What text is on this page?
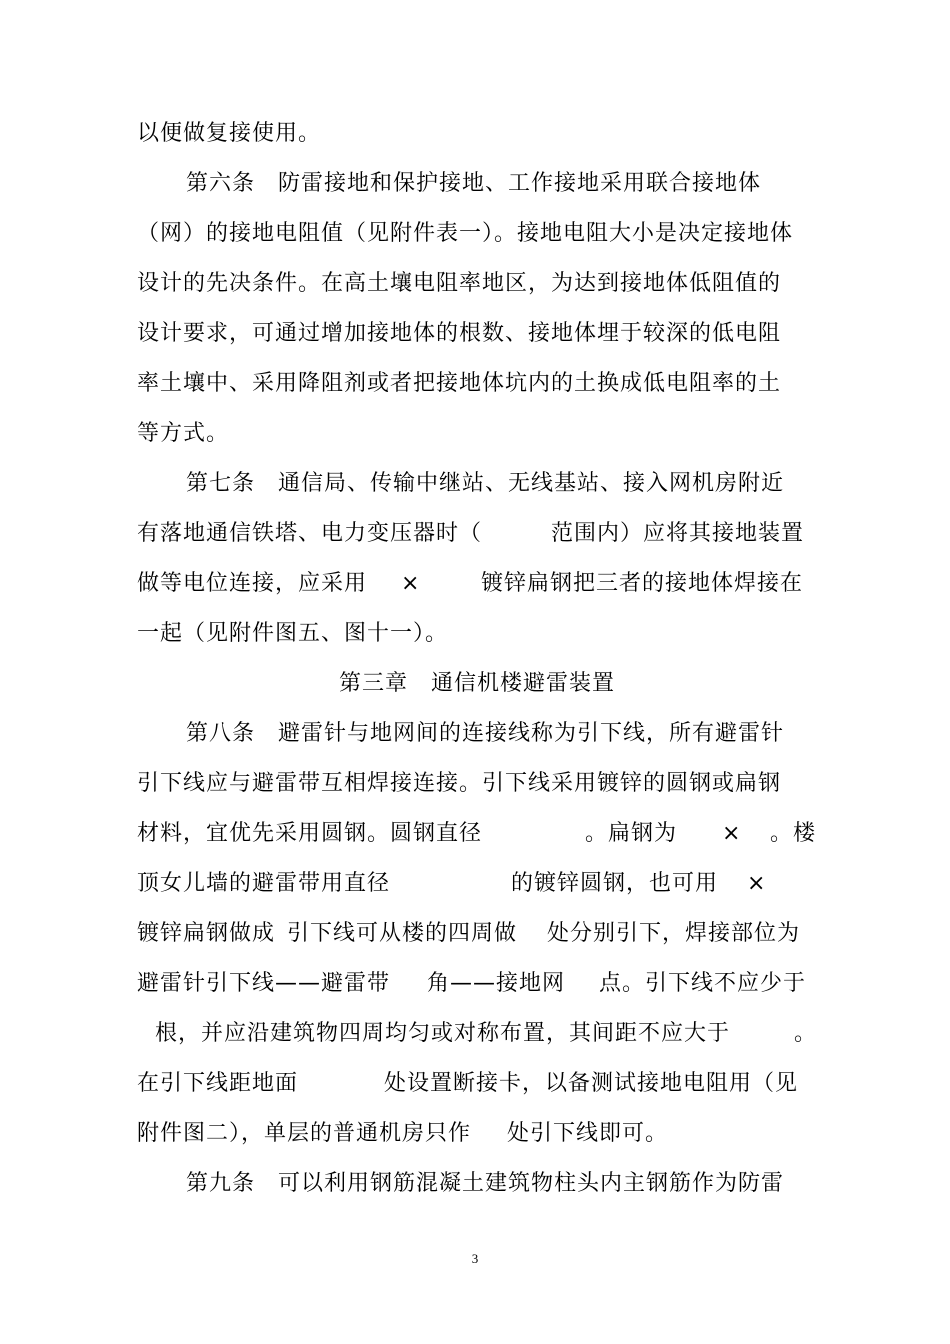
以便做复接使用。
第六条　防雷接地和保护接地、工作接地采用联合接地体
（网）的接地电阻值（见附件表一）。接地电阻大小是决定接地体
设计的先决条件。在高土壤电阻率地区，为达到接地体低阻值的
设计要求，可通过增加接地体的根数、接地体埋于较深的低电阻
率土壤中、采用降阻剂或者把接地体坑内的土换成低电阻率的土
等方式。
第七条　通信局、传输中继站、无线基站、接入网机房附近
有落地通信铁塔、电力变压器时（	范围内）应将其接地装置
做等电位连接，应采用 ×	镀锌扁钢把三者的接地体焊接在
一起（见附件图五、图十一）。
第三章　通信机楼避雷装置
第八条　避雷针与地网间的连接线称为引下线，所有避雷针
引下线应与避雷带互相焊接连接。引下线采用镀锌的圆钢或扁钢
材料，宜优先采用圆钢。圆钢直径	。扁钢为 × 。楼
顶女儿墙的避雷带用直径	的镀锌圆钢，也可用 ×
镀锌扁钢做成 引下线可从楼的四周做 处分别引下，焊接部位为
避雷针引下线——避雷带 角——接地网 点。引下线不应少于
根，并应沿建筑物四周均匀或对称布置，其间距不应大于	。
在引下线距地面	处设置断接卡，以备测试接地电阻用（见
附件图二），单层的普通机房只作 处引下线即可。
第九条　可以利用钢筋混凝土建筑物柱头内主钢筋作为防雷
3
